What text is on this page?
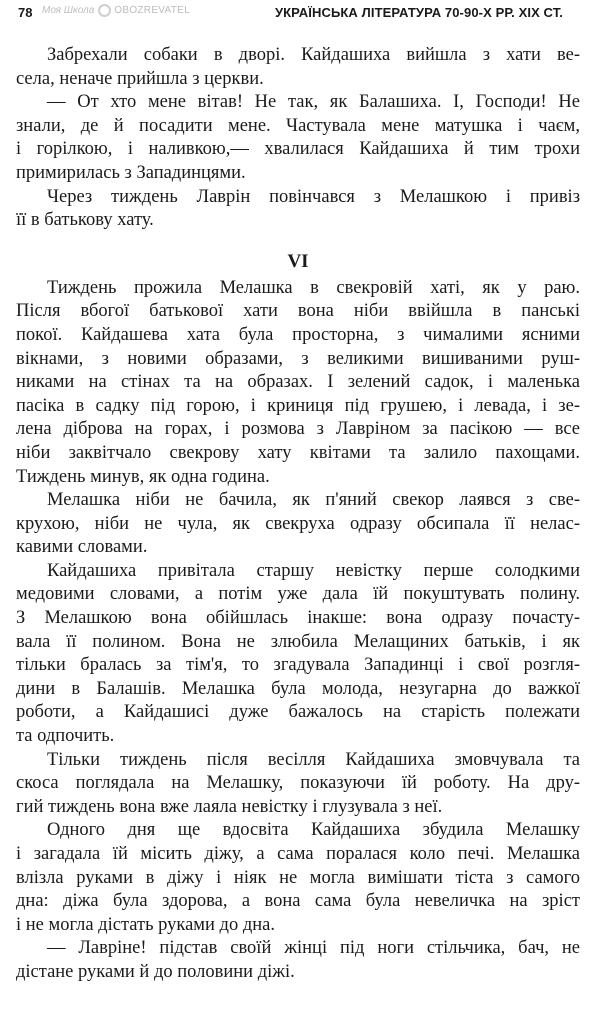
78	УКРАЇНСЬКА ЛІТЕРАТУРА 70-90-Х РР. XIX СТ.
Моя Школа OBOZREVATEL
Забрехали собаки в дворі. Кайдашиха вийшла з хати ве-
села, неначе прийшла з церкви.
— От хто мене вітав! Не так, як Балашиха. І, Господи! Не
знали, де й посадити мене. Частувала мене матушка і чаєм,
і горілкою, і наливкою,— хвалилася Кайдашиха й тим трохи
примирилась з Западинцями.
Через тиждень Лаврін повінчався з Мелашкою і привіз
її в батькову хату.
VI
Тиждень прожила Мелашка в свекровій хаті, як у раю.
Після вбогої батькової хати вона ніби ввійшла в панські
покої. Кайдашева хата була просторна, з чималими ясними
вікнами, з новими образами, з великими вишиваними руш-
никами на стінах та на образах. І зелений садок, і маленька
пасіка в садку під горою, і криниця під грушею, і левада, і зе-
лена діброва на горах, і розмова з Лавріном за пасікою — все
ніби заквітчало свекрову хату квітами та залило пахощами.
Тиждень минув, як одна година.
Мелашка ніби не бачила, як п'яний свекор лаявся з све-
крухою, ніби не чула, як свекруха одразу обсипала її нелас-
кавими словами.
Кайдашиха привітала старшу невістку перше солодкими
медовими словами, а потім уже дала їй покуштувать полину.
З Мелашкою вона обійшлась інакше: вона одразу почасту-
вала її полином. Вона не злюбила Мелащиних батьків, і як
тільки бралась за тім'я, то згадувала Западинці і свої розгля-
дини в Балашів. Мелашка була молода, незугарна до важкої
роботи, а Кайдашисі дуже бажалось на старість полежати
та одпочить.
Тільки тиждень після весілля Кайдашиха змовчувала та
скоса поглядала на Мелашку, показуючи їй роботу. На дру-
гий тиждень вона вже лаяла невістку і глузувала з неї.
Одного дня ще вдосвіта Кайдашиха збудила Мелашку
і загадала їй місить діжу, а сама поралася коло печі. Мелашка
влізла руками в діжу і ніяк не могла вимішати тіста з самого
дна: діжа була здорова, а вона сама була невеличка на зріст
і не могла дістать руками до дна.
— Лавріне! підстав своїй жінці під ноги стільчика, бач, не
дістане руками й до половини діжі.
